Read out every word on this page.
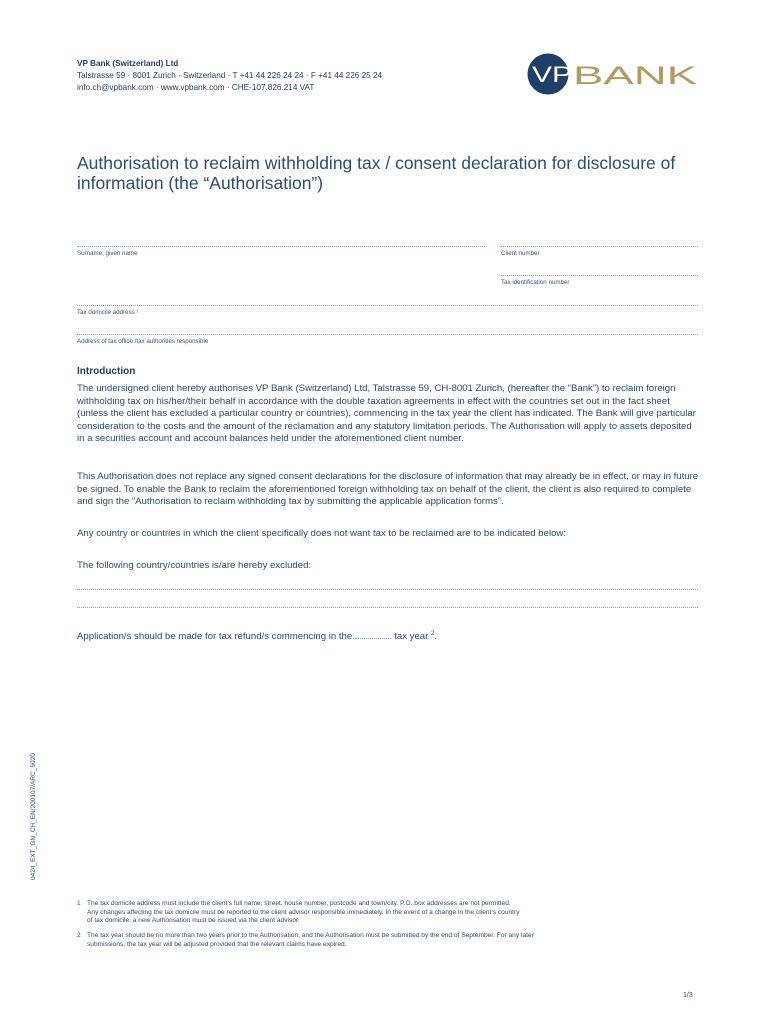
VP Bank (Switzerland) Ltd
Talstrasse 59 · 8001 Zurich · Switzerland · T +41 44 226 24 24 · F +41 44 226 25 24
info.ch@vpbank.com · www.vpbank.com · CHE-107.826.214 VAT
VP BANK
Authorisation to reclaim withholding tax / consent declaration for disclosure of information (the “Authorisation”)
Surname, given name	Client number
Tax identification number
Tax domicile address ¹
Address of tax office /tax authorities responsible
Introduction
The undersigned client hereby authorises VP Bank (Switzerland) Ltd, Talstrasse 59, CH-8001 Zurich, (hereafter the “Bank”) to reclaim foreign withholding tax on his/her/their behalf in accordance with the double taxation agreements in effect with the countries set out in the fact sheet (unless the client has excluded a particular country or countries), commencing in the tax year the client has indicated. The Bank will give particular consideration to the costs and the amount of the reclamation and any statutory limitation periods. The Authorisation will apply to assets deposited in a securities account and account balances held under the aforementioned client number.
This Authorisation does not replace any signed consent declarations for the disclosure of information that may already be in effect, or may in future be signed. To enable the Bank to reclaim the aforementioned foreign withholding tax on behalf of the client, the client is also required to complete and sign the “Authorisation to reclaim withholding tax by submitting the applicable application forms”.
Any country or countries in which the client specifically does not want tax to be reclaimed are to be indicated below:
The following country/countries is/are hereby excluded:
Application/s should be made for tax refund/s commencing in the	tax year $^2$.
0424_EXT_GN_CH_EN/200107/ARC_5020
1 The tax domicile address must include the client’s full name, street, house number, postcode and town/city. P.O. box addresses are not permitted.
Any changes affecting the tax domicile must be reported to the client advisor responsible immediately. In the event of a change in the client’s country
of tax domicile, a new Authorisation must be issued via the client advisor.
2 The tax year should be no more than two years prior to the Authorisation, and the Authorisation must be submitted by the end of September. For any later
submissions, the tax year will be adjusted provided that the relevant claims have expired.
1/3
